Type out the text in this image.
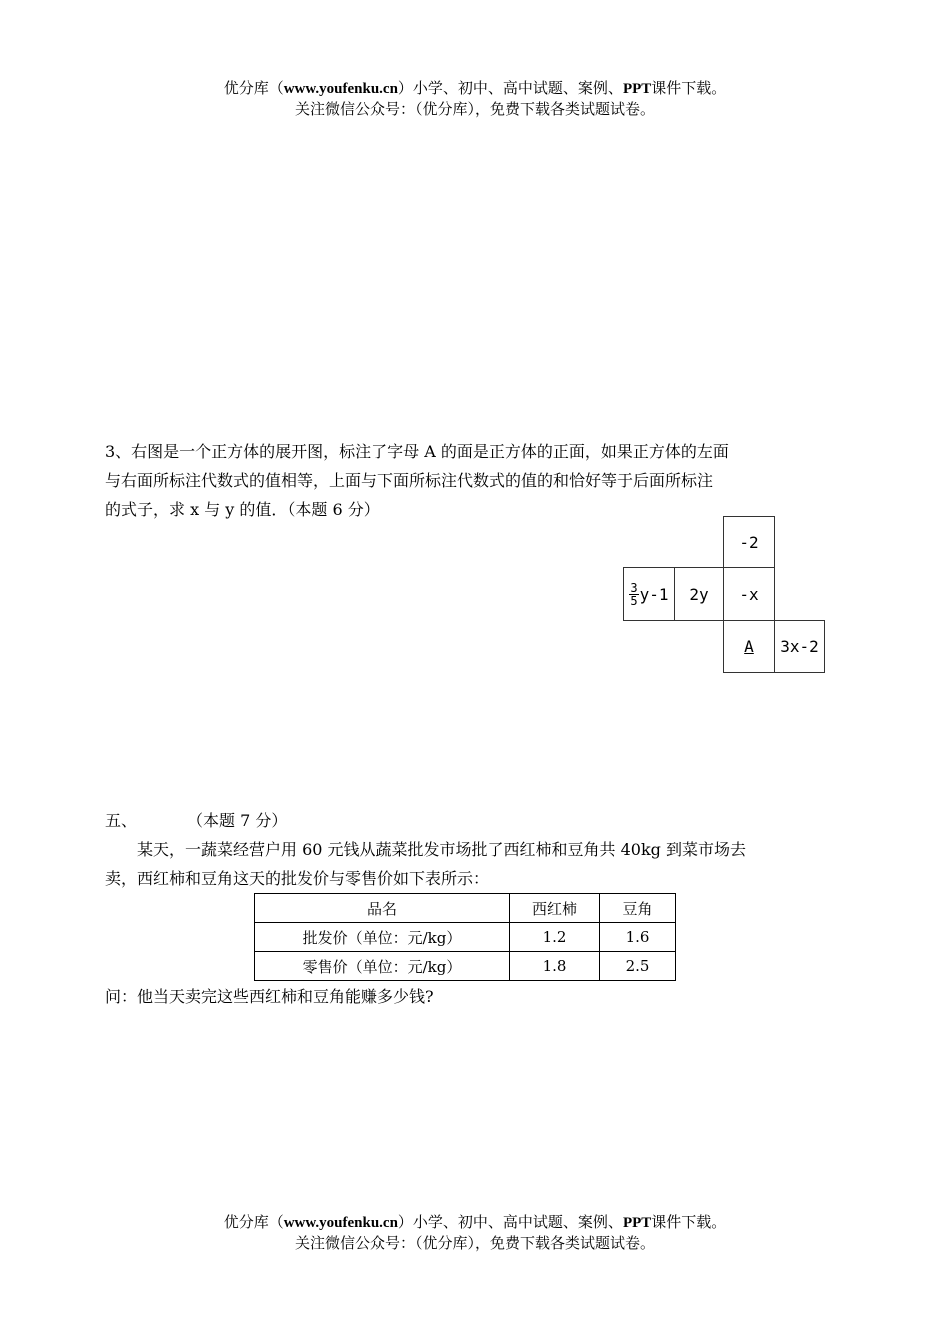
优分库（www.youfenku.cn）小学、初中、高中试题、案例、PPT课件下载。
关注微信公众号：（优分库），免费下载各类试题试卷。
3、右图是一个正方体的展开图，标注了字母 A 的面是正方体的正面，如果正方体的左面
与右面所标注代数式的值相等，上面与下面所标注代数式的值的和恰好等于后面所标注
的式子，求 x 与 y 的值．（本题 6 分）
-2
$\frac{3}{5} y-1$	2y	-x
A	3x-2
五、	（本题 7 分）
某天，一蔬菜经营户用 60 元钱从蔬菜批发市场批了西红柿和豆角共 40kg 到菜市场去
卖，西红柿和豆角这天的批发价与零售价如下表所示：
品名	西红柿	豆角
批发价（单位：元/kg）	1.2	1.6
零售价（单位：元/kg）	1.8	2.5
问：他当天卖完这些西红柿和豆角能赚多少钱?
优分库（www.youfenku.cn）小学、初中、高中试题、案例、PPT课件下载。
关注微信公众号：（优分库），免费下载各类试题试卷。
